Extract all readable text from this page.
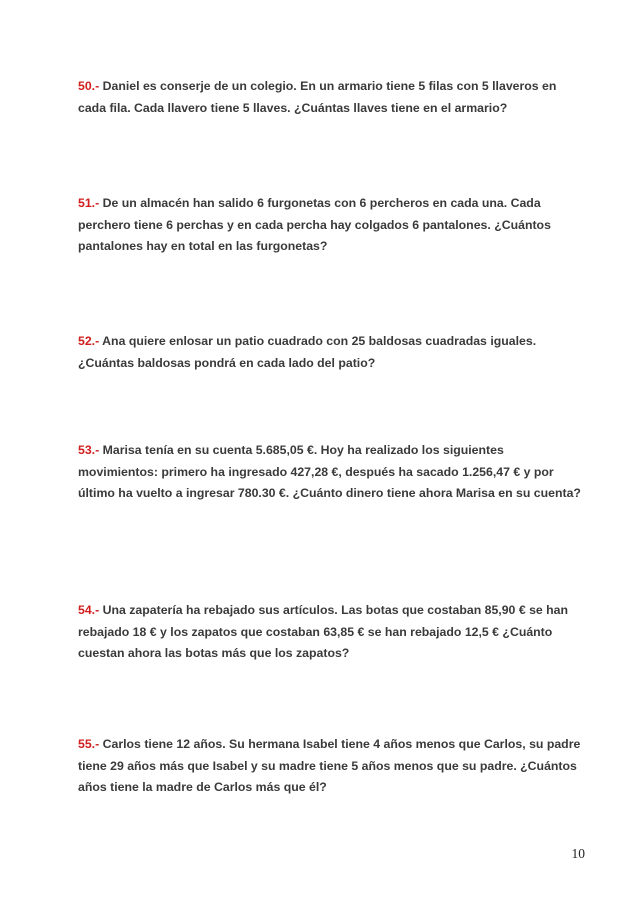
50.- Daniel es conserje de un colegio. En un armario tiene 5 filas con 5 llaveros en cada fila. Cada llavero tiene 5 llaves. ¿Cuántas llaves tiene en el armario?

51.- De un almacén han salido 6 furgonetas con 6 percheros en cada una. Cada perchero tiene 6 perchas y en cada percha hay colgados 6 pantalones. ¿Cuántos pantalones hay en total en las furgonetas?

52.- Ana quiere enlosar un patio cuadrado con 25 baldosas cuadradas iguales. ¿Cuántas baldosas pondrá en cada lado del patio?

53.- Marisa tenía en su cuenta 5.685,05 €. Hoy ha realizado los siguientes movimientos: primero ha ingresado 427,28 €, después ha sacado 1.256,47 € y por último ha vuelto a ingresar 780.30 €. ¿Cuánto dinero tiene ahora Marisa en su cuenta?

54.- Una zapatería ha rebajado sus artículos. Las botas que costaban 85,90 € se han rebajado 18 € y los zapatos que costaban 63,85 € se han rebajado 12,5 € ¿Cuánto cuestan ahora las botas más que los zapatos?

55.- Carlos tiene 12 años. Su hermana Isabel tiene 4 años menos que Carlos, su padre tiene 29 años más que Isabel y su madre tiene 5 años menos que su padre. ¿Cuántos años tiene la madre de Carlos más que él?

10
